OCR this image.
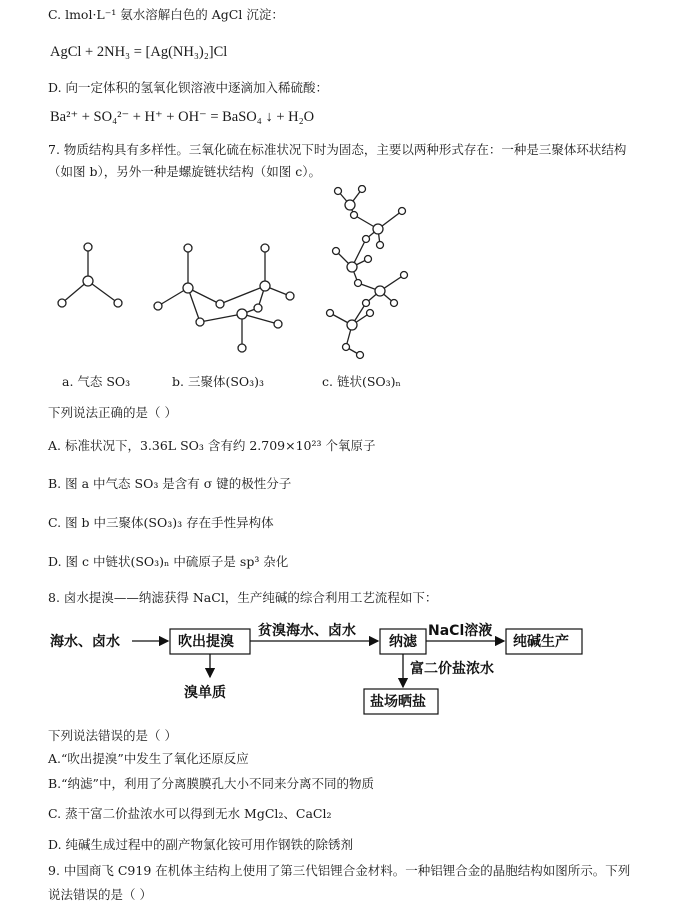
C. lmol·L⁻¹ 氨水溶解白色的 AgCl 沉淀：
AgCl + 2NH₃ = [Ag(NH₃)₂]Cl
D. 向一定体积的氢氧化钡溶液中逐滴加入稀硫酸：
Ba²⁺ + SO₄²⁻ + H⁺ + OH⁻ = BaSO₄ ↓ + H₂O
7. 物质结构具有多样性。三氧化硫在标准状况下时为固态，主要以两种形式存在：一种是三聚体环状结构
（如图 b），另外一种是螺旋链状结构（如图 c）。
a. 气态 SO₃	b. 三聚体(SO₃)₃	c. 链状(SO₃)ₙ
下列说法正确的是（ ）
A. 标准状况下，3.36L SO₃ 含有约 2.709×10²³ 个氧原子
B. 图 a 中气态 SO₃ 是含有 σ 键的极性分子
C. 图 b 中三聚体(SO₃)₃ 存在手性异构体
D. 图 c 中链状(SO₃)ₙ 中硫原子是 sp³ 杂化
8. 卤水提溴——纳滤获得 NaCl，生产纯碱的综合利用工艺流程如下：
海水、卤水	吹出提溴
贫溴海水、卤水
纳滤
NaCl溶液
纯碱生产
溴单质
富二价盐浓水
盐场晒盐
下列说法错误的是（ ）
A.“吹出提溴”中发生了氧化还原反应
B.“纳滤”中，利用了分离膜膜孔大小不同来分离不同的物质
C. 蒸干富二价盐浓水可以得到无水 MgCl₂、CaCl₂
D. 纯碱生成过程中的副产物氯化铵可用作钢铁的除锈剂
9. 中国商飞 C919 在机体主结构上使用了第三代铝锂合金材料。一种铝锂合金的晶胞结构如图所示。下列
说法错误的是（ ）
